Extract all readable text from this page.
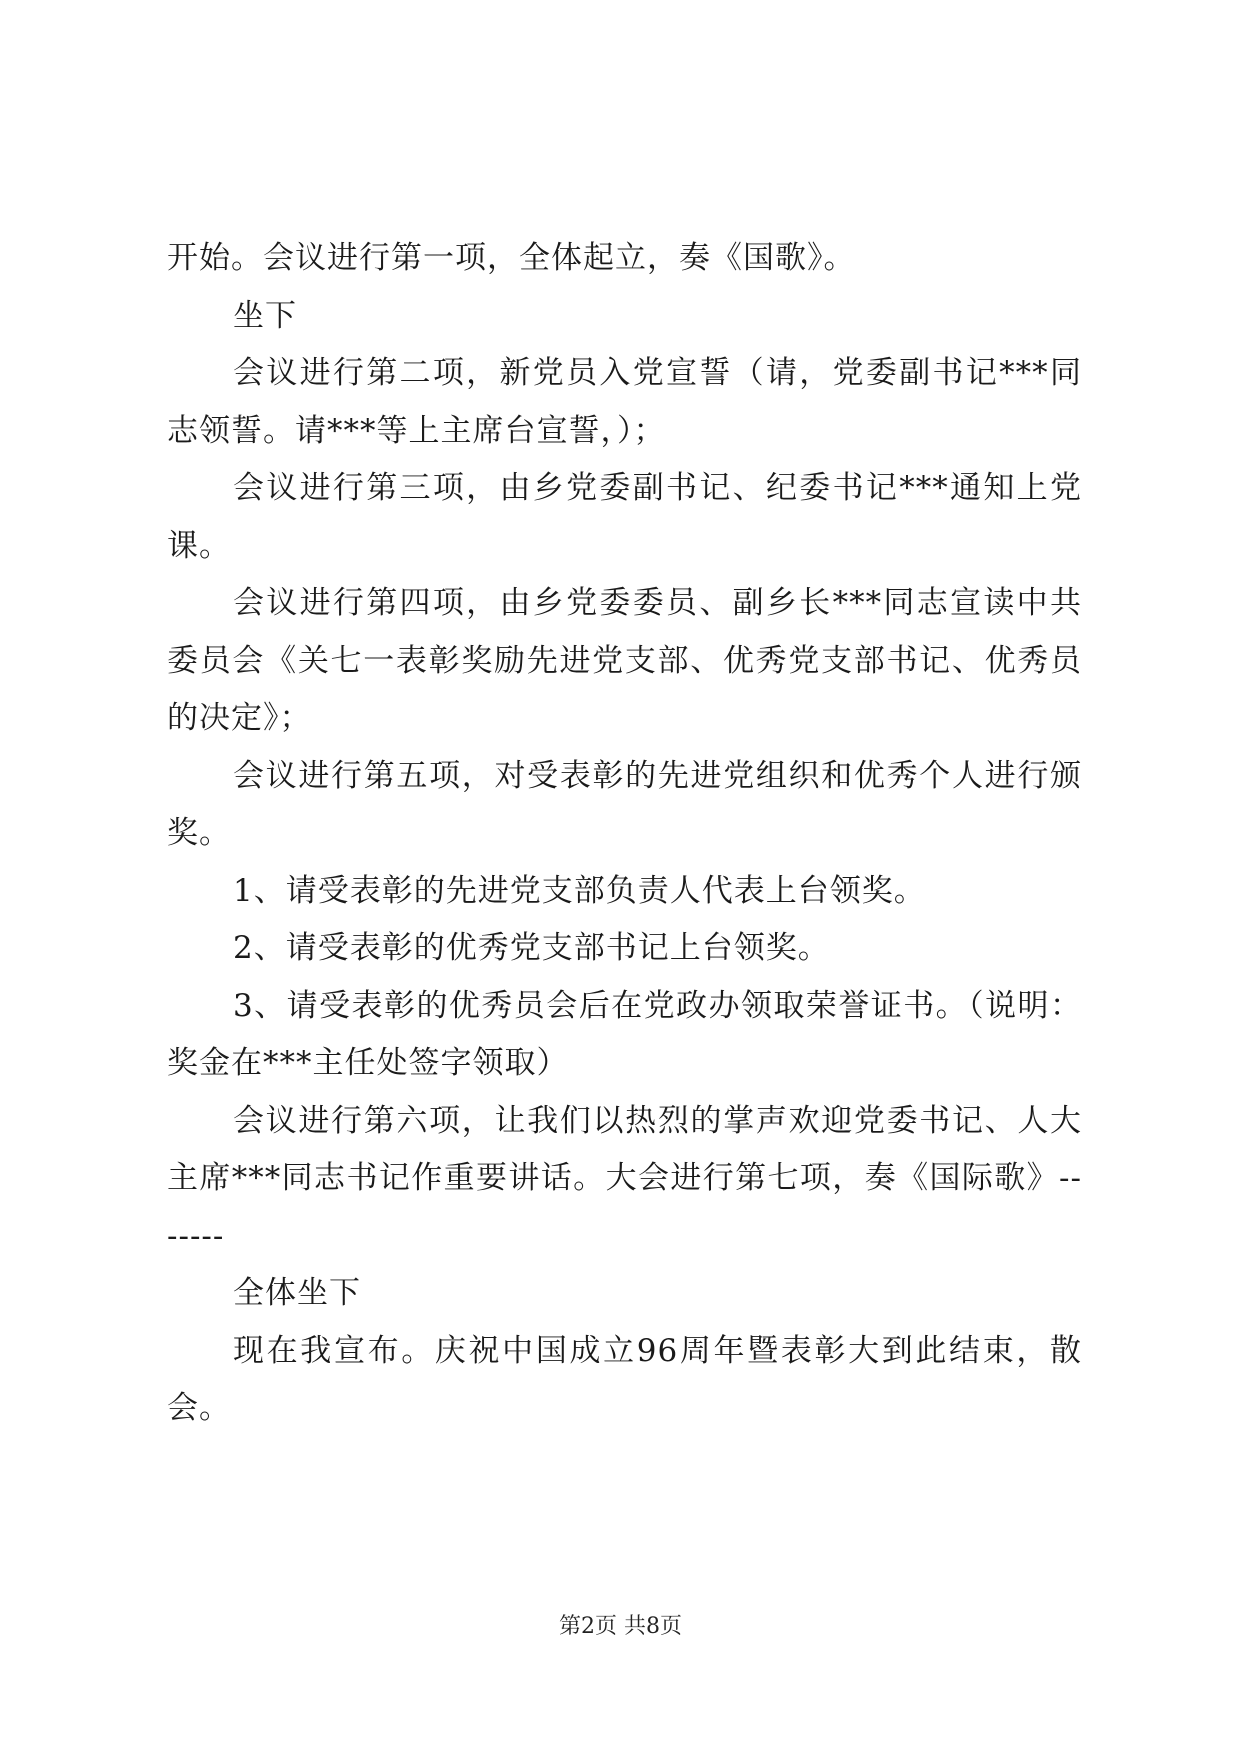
开始。会议进行第一项，全体起立，奏《国歌》。

坐下

会议进行第二项，新党员入党宣誓（请，党委副书记***同志领誓。请***等上主席台宣誓，）；

会议进行第三项，由乡党委副书记、纪委书记***通知上党课。

会议进行第四项，由乡党委委员、副乡长***同志宣读中共委员会《关七一表彰奖励先进党支部、优秀党支部书记、优秀员的决定》；

会议进行第五项，对受表彰的先进党组织和优秀个人进行颁奖。

1、请受表彰的先进党支部负责人代表上台领奖。

2、请受表彰的优秀党支部书记上台领奖。

3、请受表彰的优秀员会后在党政办领取荣誉证书。（说明：奖金在***主任处签字领取）

会议进行第六项，让我们以热烈的掌声欢迎党委书记、人大主席***同志书记作重要讲话。大会进行第七项，奏《国际歌》-------

全体坐下

现在我宣布。庆祝中国成立96周年暨表彰大到此结束，散会。

第2页 共8页
